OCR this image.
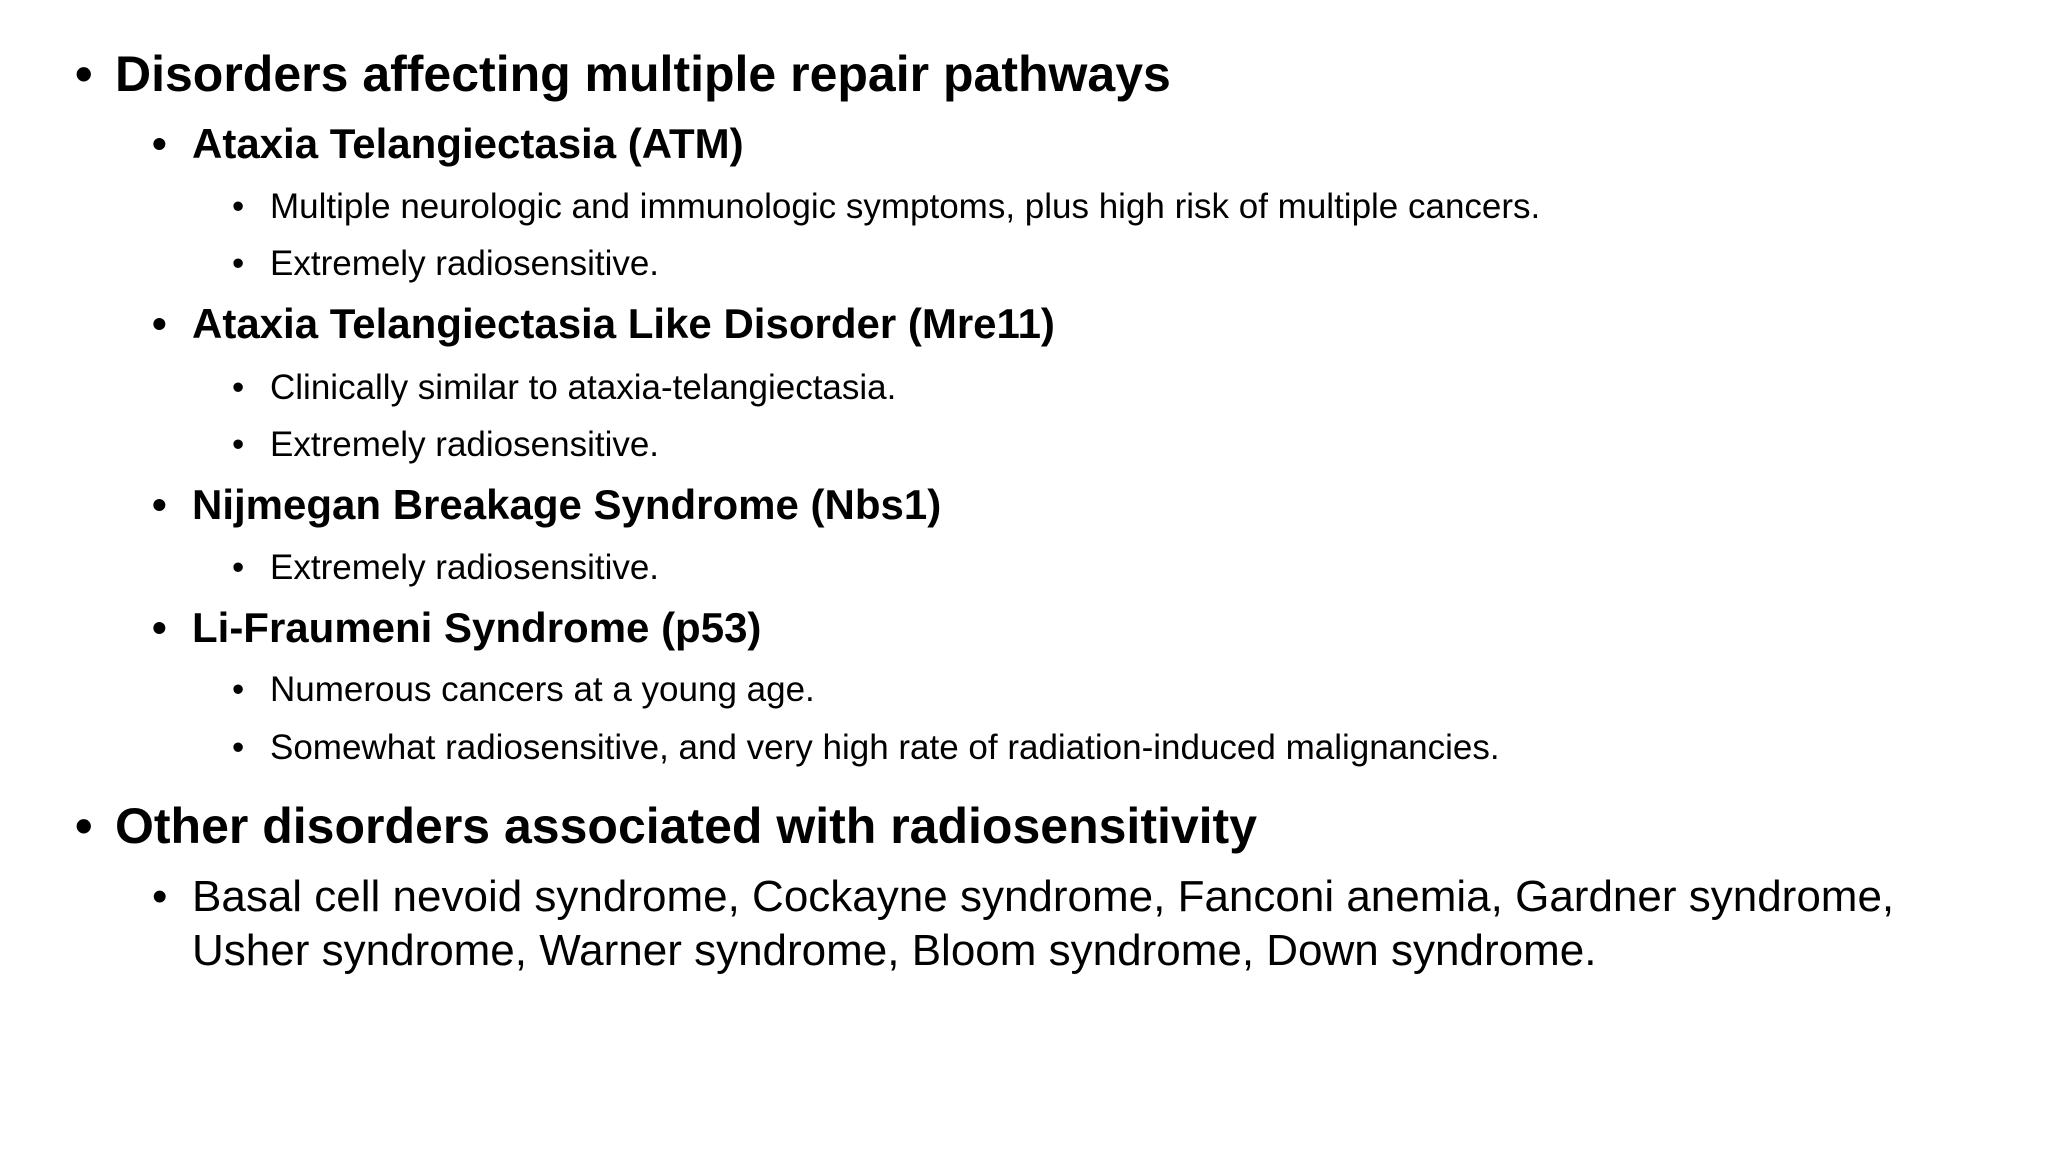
• Disorders affecting multiple repair pathways
• Ataxia Telangiectasia (ATM)
• Multiple neurologic and immunologic symptoms, plus high risk of multiple cancers.
• Extremely radiosensitive.
• Ataxia Telangiectasia Like Disorder (Mre11)
• Clinically similar to ataxia-telangiectasia.
• Extremely radiosensitive.
• Nijmegan Breakage Syndrome (Nbs1)
• Extremely radiosensitive.
• Li-Fraumeni Syndrome (p53)
• Numerous cancers at a young age.
• Somewhat radiosensitive, and very high rate of radiation-induced malignancies.
• Other disorders associated with radiosensitivity
• Basal cell nevoid syndrome, Cockayne syndrome, Fanconi anemia, Gardner syndrome, Usher syndrome, Warner syndrome, Bloom syndrome, Down syndrome.
